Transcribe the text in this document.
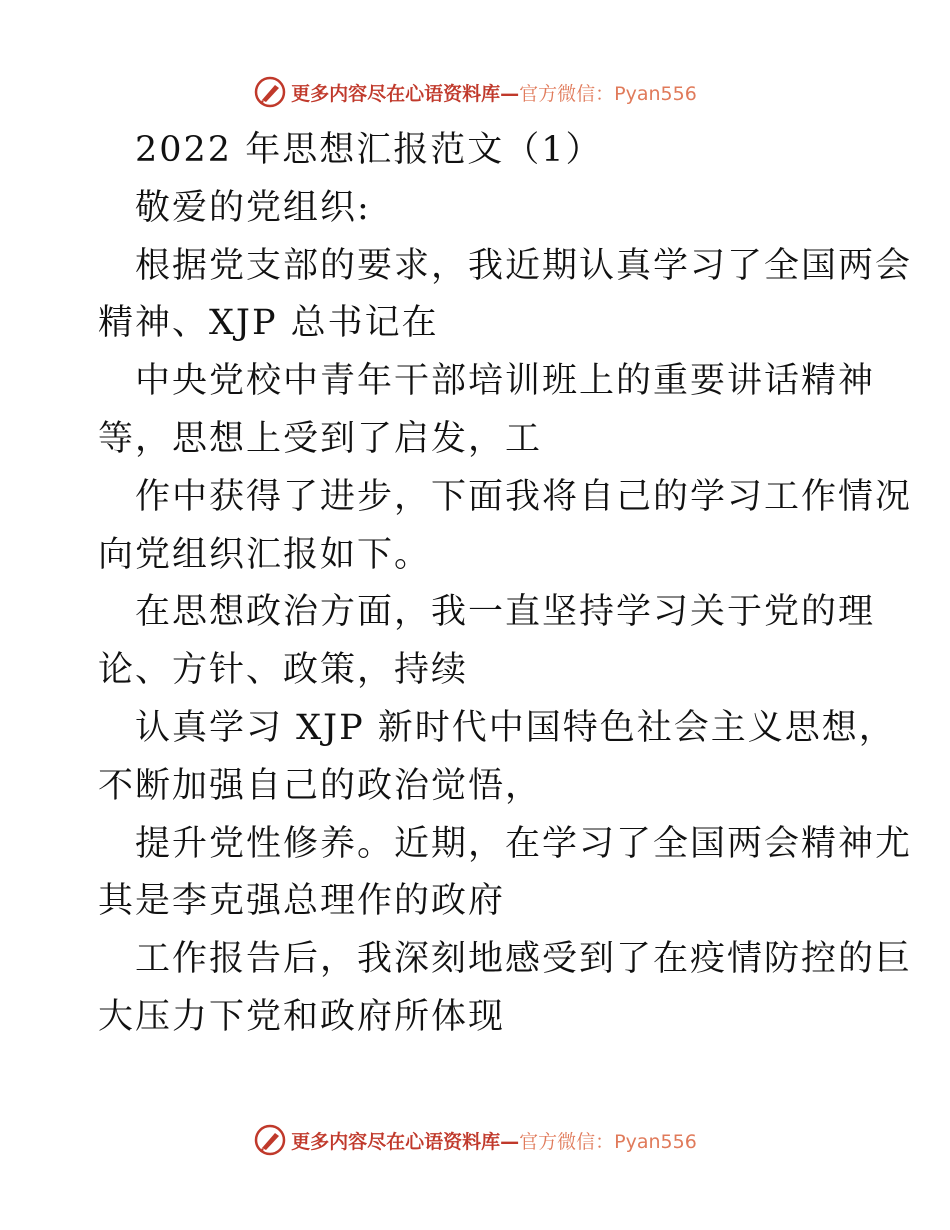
更多内容尽在心语资料库— 官方微信：Pyan556
2022 年思想汇报范文（1）
敬爱的党组织:
根据党支部的要求，我近期认真学习了全国两会
精神、XJP 总书记在
中央党校中青年干部培训班上的重要讲话精神
等，思想上受到了启发，工
作中获得了进步，下面我将自己的学习工作情况
向党组织汇报如下。
在思想政治方面，我一直坚持学习关于党的理
论、方针、政策，持续
认真学习 XJP 新时代中国特色社会主义思想，
不断加强自己的政治觉悟，
提升党性修养。近期，在学习了全国两会精神尤
其是李克强总理作的政府
工作报告后，我深刻地感受到了在疫情防控的巨
大压力下党和政府所体现
更多内容尽在心语资料库— 官方微信：Pyan556
